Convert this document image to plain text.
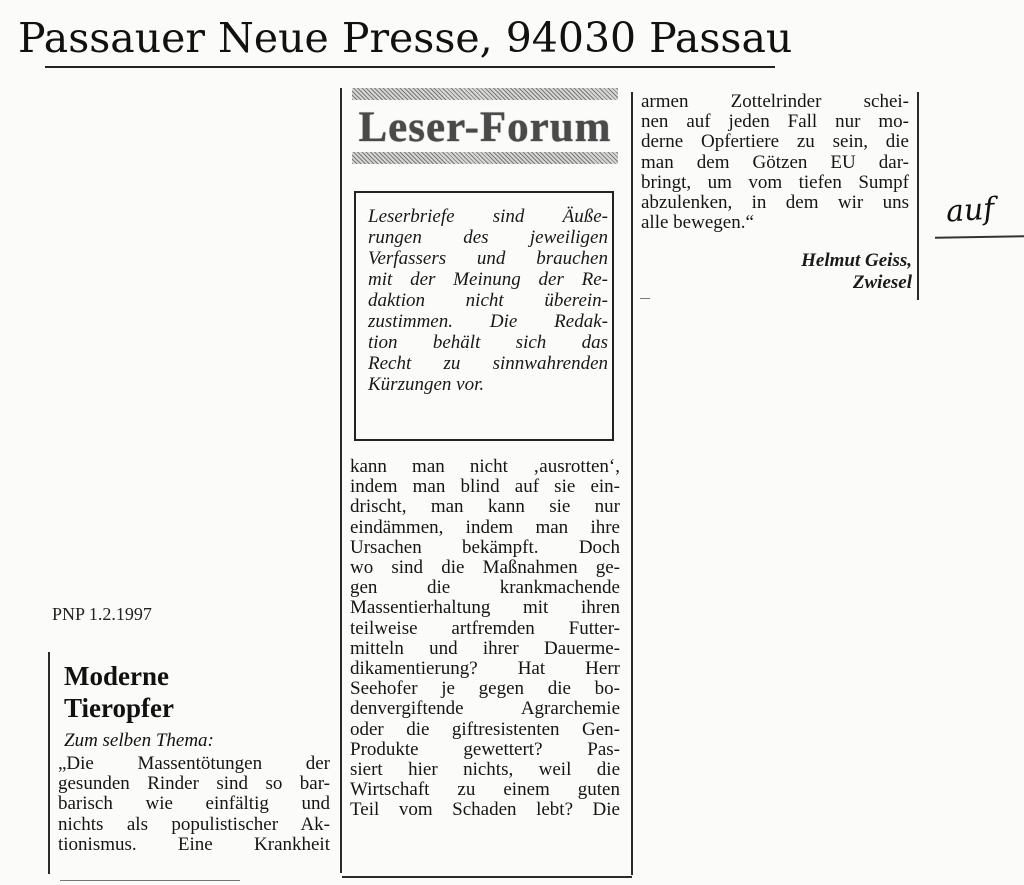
Passauer Neue Presse, 94030 Passau
Leser-Forum
Leserbriefe sind Äuße-
rungen des jeweiligen
Verfassers und brauchen
mit der Meinung der Re-
daktion nicht überein-
zustimmen. Die Redak-
tion behält sich das
Recht zu sinnwahrenden
Kürzungen vor.
PNP 1.2.1997
Moderne
Tieropfer
Zum selben Thema:
„Die Massentötungen der
gesunden Rinder sind so bar-
barisch wie einfältig und
nichts als populistischer Ak-
tionismus. Eine Krankheit
kann man nicht ‚ausrotten‘,
indem man blind auf sie ein-
drischt, man kann sie nur
eindämmen, indem man ihre
Ursachen bekämpft. Doch
wo sind die Maßnahmen ge-
gen die krankmachende
Massentierhaltung mit ihren
teilweise artfremden Futter-
mitteln und ihrer Dauerme-
dikamentierung? Hat Herr
Seehofer je gegen die bo-
denvergiftende Agrarchemie
oder die giftresistenten Gen-
Produkte gewettert? Pas-
siert hier nichts, weil die
Wirtschaft zu einem guten
Teil vom Schaden lebt? Die
armen Zottelrinder schei-
nen auf jeden Fall nur mo-
derne Opfertiere zu sein, die
man dem Götzen EU dar-
bringt, um vom tiefen Sumpf
abzulenken, in dem wir uns
alle bewegen.“
Helmut Geiss,
Zwiesel
auf
